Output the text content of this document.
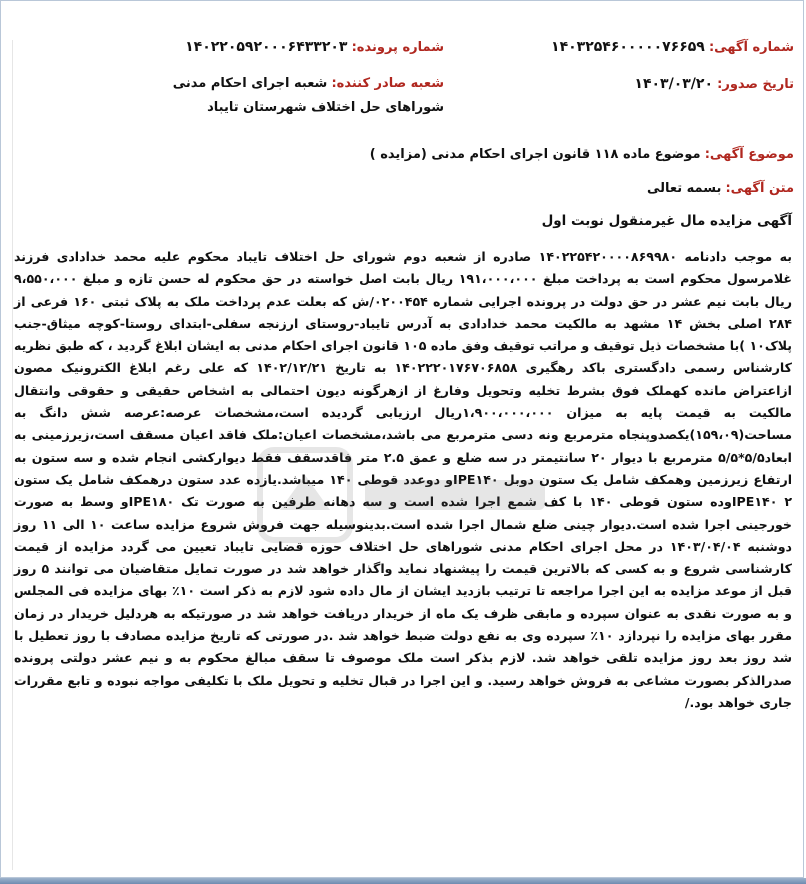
شماره آگهی: ۱۴۰۳۲۵۴۶۰۰۰۰۰۷۶۶۵۹
شماره پرونده: ۱۴۰۲۲۰۵۹۲۰۰۰۶۴۳۳۲۰۳
تاریخ صدور: ۱۴۰۳/۰۳/۲۰
شعبه صادر کننده: شعبه اجرای احکام مدنی شوراهای حل اختلاف شهرستان تایباد
موضوع آگهی: موضوع ماده ۱۱۸ قانون اجرای احکام مدنی (مزایده )
متن آگهی: بسمه تعالی
آگهی مزایده مال غیرمنقول نوبت اول
به موجب دادنامه ۱۴۰۲۲۵۴۲۰۰۰۰۸۶۹۹۸۰ صادره از شعبه دوم شورای حل اختلاف تایباد محکوم علیه محمد خدادادی فرزند غلامرسول محکوم است به پرداخت مبلغ ۱۹۱،۰۰۰،۰۰۰ ریال بابت اصل خواسته در حق محکوم له حسن تازه و مبلغ ۹،۵۵۰،۰۰۰ ریال بابت نیم عشر در حق دولت در پرونده اجرایی شماره ۰۲۰۰۴۵۴/ش که بعلت عدم پرداخت ملک به پلاک ثبتی ۱۶۰ فرعی از ۲۸۴ اصلی بخش ۱۴ مشهد به مالکیت محمد خدادادی به آدرس تایباد-روستای ارزنجه سفلی-ابتدای روستا-کوچه میثاق-جنب پلاک۱۰ )با مشخصات ذیل توقیف و مراتب توقیف وفق ماده ۱۰۵ قانون اجرای احکام مدنی به ایشان ابلاغ گردید ، که طبق نظریه کارشناس رسمی دادگستری باکد رهگیری ۱۴۰۲۲۲۰۱۷۶۷۰۶۸۵۸ به تاریخ ۱۴۰۲/۱۲/۲۱ که علی رغم ابلاغ الکترونیک مصون ازاعتراض مانده کهملک فوق بشرط تخلیه وتحویل وفارغ از ازهرگونه دیون احتمالی به اشخاص حقیقی و حقوقی وانتقال مالکیت به قیمت پایه به میزان ۱،۹۰۰،۰۰۰،۰۰۰ریال ارزیابی گردیده است،مشخصات عرصه:عرصه شش دانگ به مساحت(۱۵۹،۰۹)یکصدوپنجاه مترمربع ونه دسی مترمربع می باشد،مشخصات اعیان:ملک فاقد اعیان مسقف است،زیرزمینی به ابعاد۵/۵*۵/۵ مترمربع با دیوار ۲۰ سانتیمتر در سه ضلع و عمق ۲.۵ متر فاقدسقف فقط دیوارکشی انجام شده و سه ستون به ارتفاع زیرزمین وهمکف شامل یک ستون دوبل IPE۱۴۰و دوعدد قوطی ۱۴۰ میباشد.یازده عدد ستون درهمکف شامل یک ستون IPE۱۴۰ ۲وده ستون قوطی ۱۴۰ با کف شمع اجرا شده است و سه دهانه طرفین به صورت تک IPE۱۸۰و وسط به صورت خورجینی اجرا شده است.دیوار چینی ضلع شمال اجرا شده است.بدینوسیله جهت فروش شروع مزایده ساعت ۱۰ الی ۱۱ روز دوشنبه ۱۴۰۳/۰۴/۰۴ در محل اجرای احکام مدنی شوراهای حل اختلاف حوزه قضایی تایباد تعیین می گردد مزایده از قیمت کارشناسی شروع و به کسی که بالاترین قیمت را پیشنهاد نماید واگذار خواهد شد در صورت تمایل متقاضیان می توانند ۵ روز قبل از موعد مزایده به این اجرا مراجعه تا ترتیب بازدید ایشان از مال داده شود لازم به ذکر است ۱۰٪ بهای مزایده فی المجلس و به صورت نقدی به عنوان سپرده و مابقی ظرف یک ماه از خریدار دریافت خواهد شد در صورتیکه به هردلیل خریدار در زمان مقرر بهای مزایده را نپردازد ۱۰٪ سپرده وی به نفع دولت ضبط خواهد شد .در صورتی که تاریخ مزایده مصادف با روز تعطیل با شد روز بعد روز مزایده تلقی خواهد شد. لازم بذکر است ملک موصوف تا سقف مبالغ محکوم به و نیم عشر دولتی پرونده صدرالذکر بصورت مشاعی به فروش خواهد رسید. و این اجرا در قبال تخلیه و تحویل ملک با تکلیفی مواجه نبوده و تابع مقررات جاری خواهد بود./
